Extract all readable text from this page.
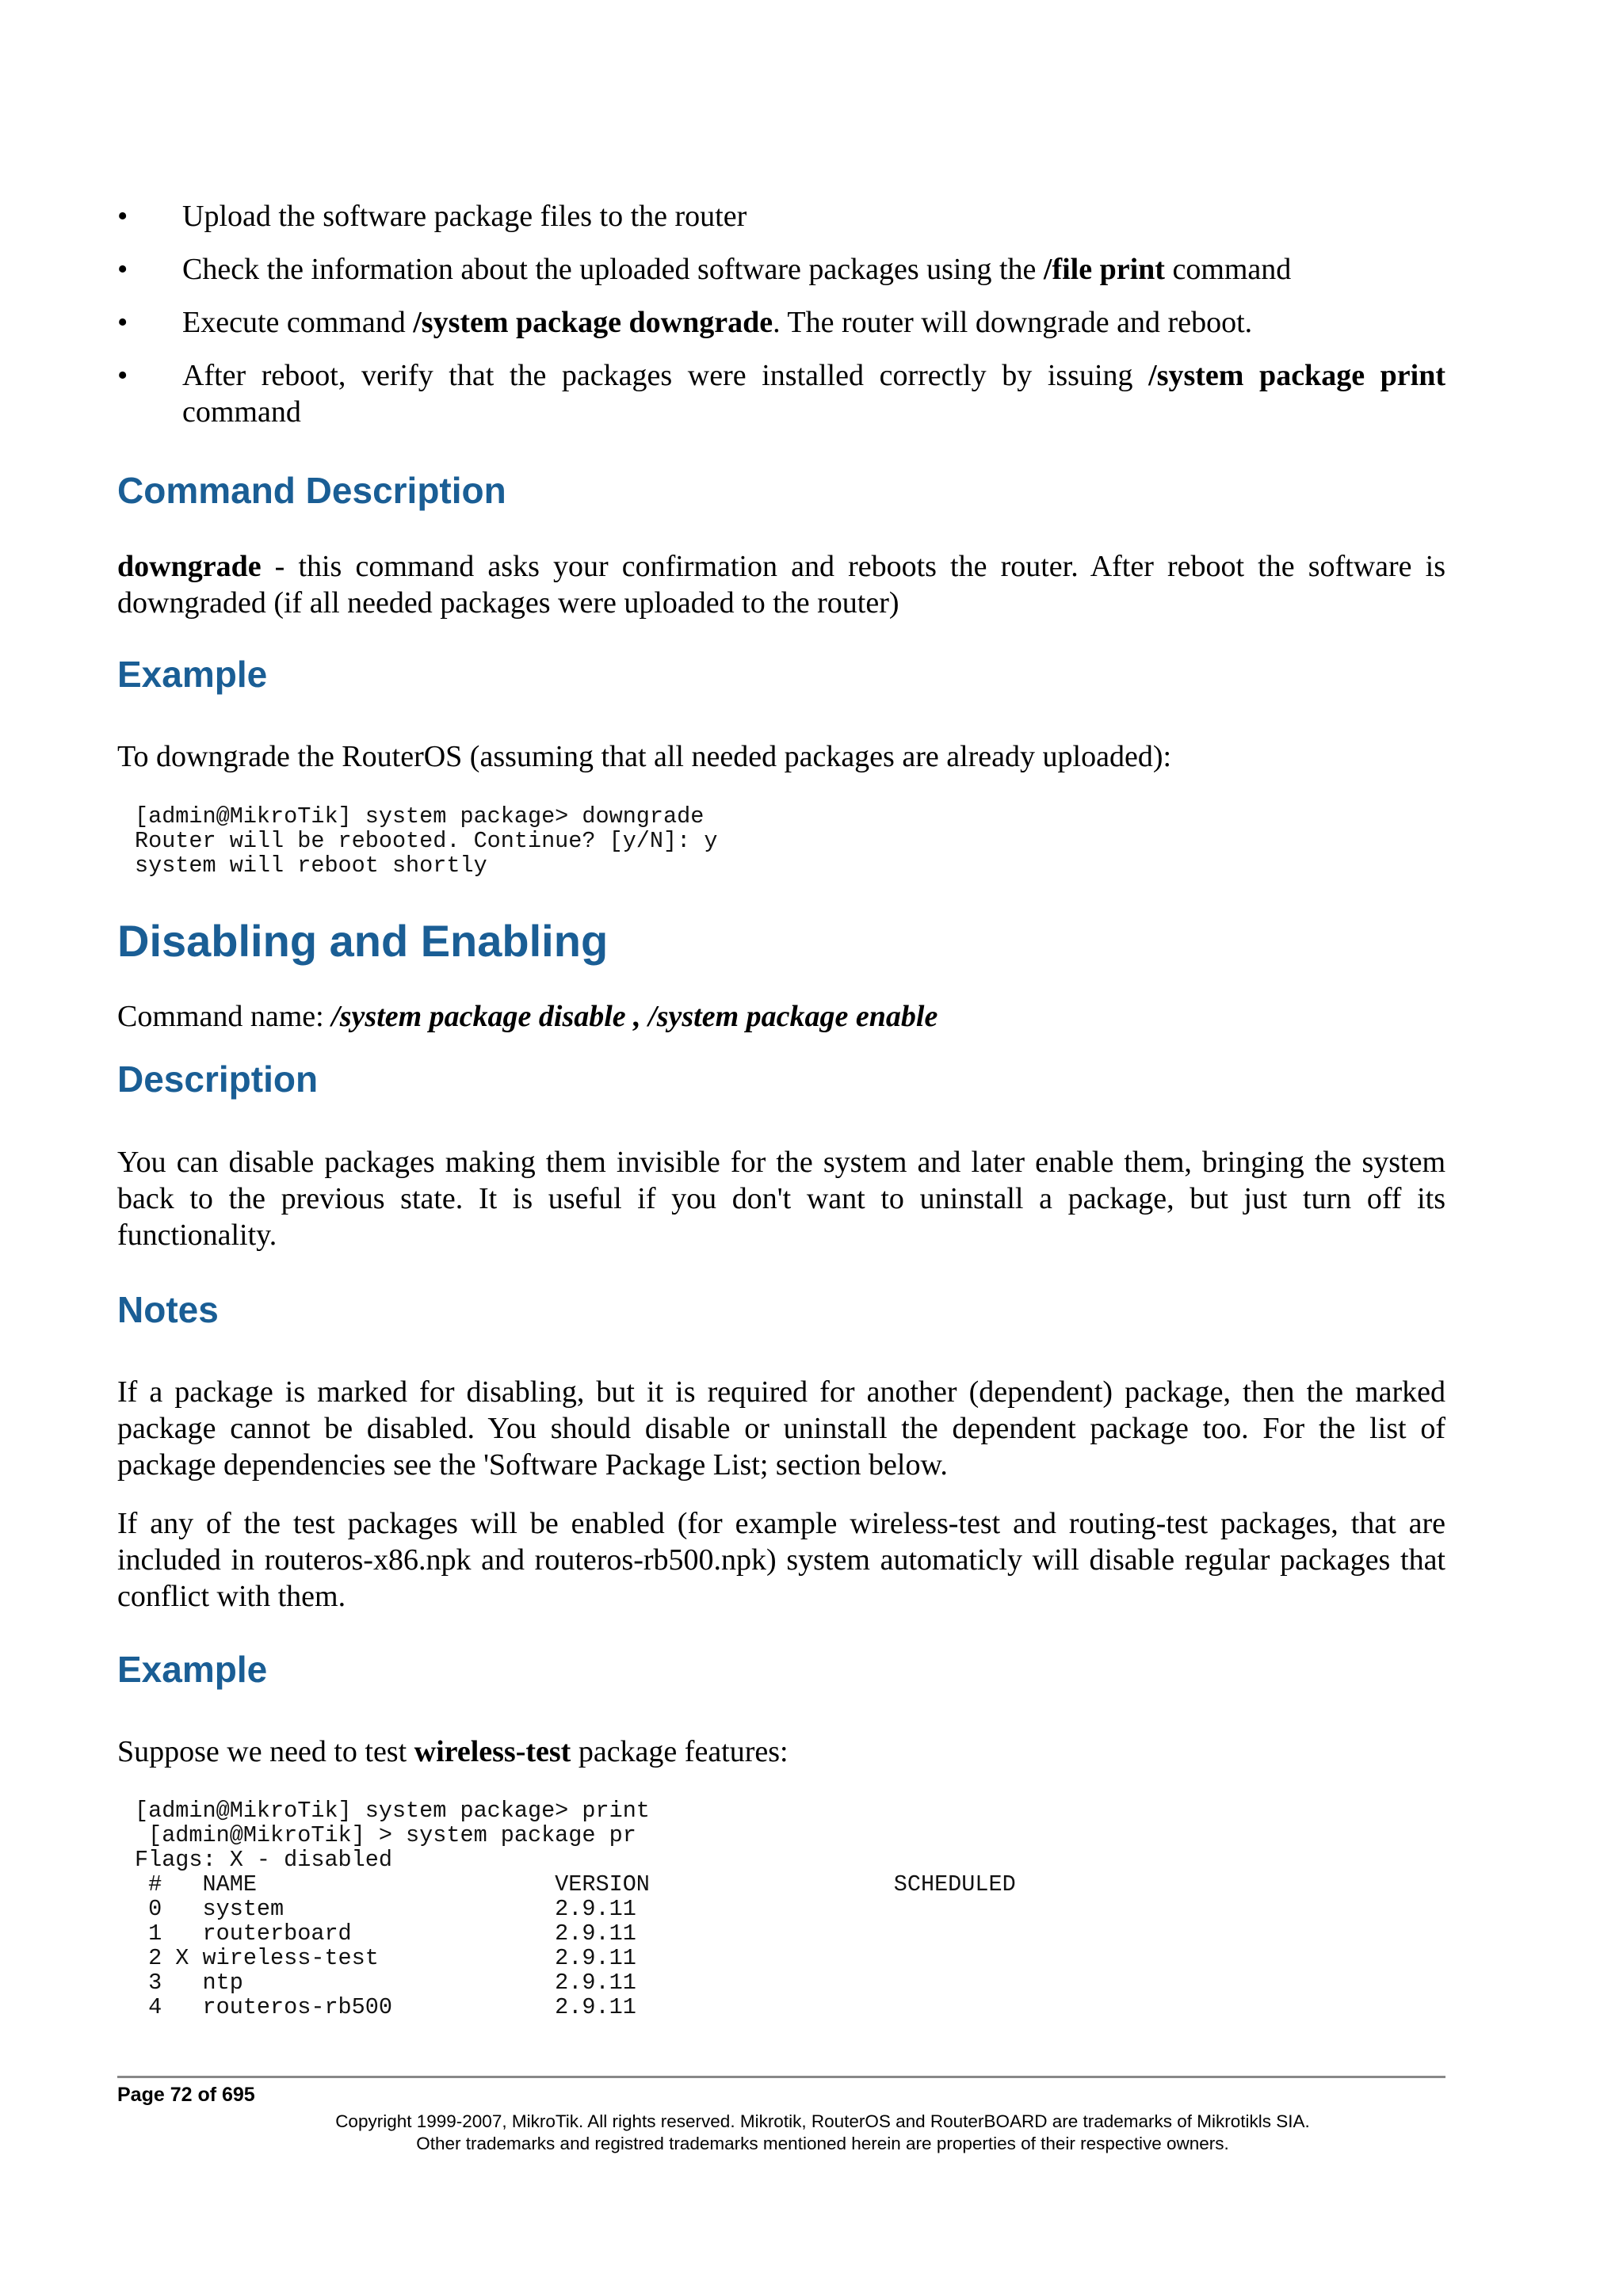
• Upload the software package files to the router
• Check the information about the uploaded software packages using the /file print command
• Execute command /system package downgrade. The router will downgrade and reboot.
• After reboot, verify that the packages were installed correctly by issuing /system package print command
Command Description

downgrade - this command asks your confirmation and reboots the router. After reboot the software is downgraded (if all needed packages were uploaded to the router)

Example

To downgrade the RouterOS (assuming that all needed packages are already uploaded):

[admin@MikroTik] system package> downgrade
Router will be rebooted. Continue? [y/N]: y
system will reboot shortly
Disabling and Enabling

Command name: /system package disable , /system package enable

Description

You can disable packages making them invisible for the system and later enable them, bringing the system back to the previous state. It is useful if you don't want to uninstall a package, but just turn off its functionality.

Notes

If a package is marked for disabling, but it is required for another (dependent) package, then the marked package cannot be disabled. You should disable or uninstall the dependent package too. For the list of package dependencies see the 'Software Package List; section below.

If any of the test packages will be enabled (for example wireless-test and routing-test packages, that are included in routeros-x86.npk and routeros-rb500.npk) system automaticly will disable regular packages that conflict with them.

Example

Suppose we need to test wireless-test package features:

[admin@MikroTik] system package> print
[admin@MikroTik] > system package pr
Flags: X - disabled
#   NAME                      VERSION                  SCHEDULED
0   system                    2.9.11
1   routerboard               2.9.11
2 X wireless-test             2.9.11
3   ntp                       2.9.11
4   routeros-rb500            2.9.11
Page 72 of 695
Copyright 1999-2007, MikroTik. All rights reserved. Mikrotik, RouterOS and RouterBOARD are trademarks of Mikrotikls SIA.
Other trademarks and registred trademarks mentioned herein are properties of their respective owners.
